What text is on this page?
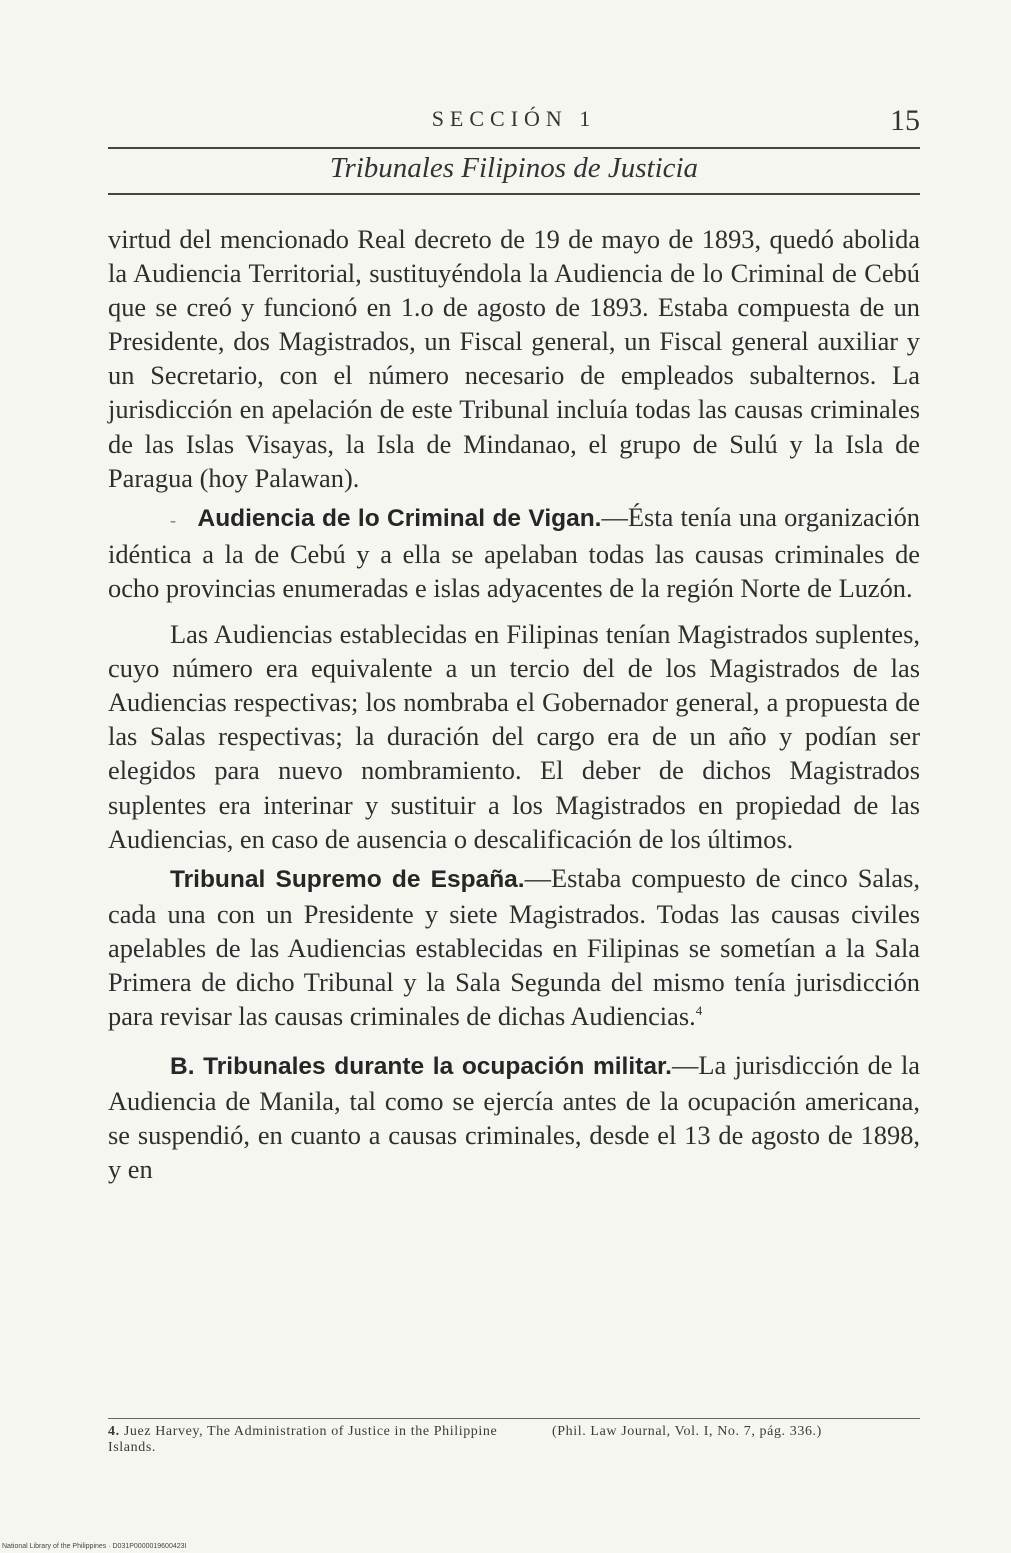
SECCIÓN 1	15
Tribunales Filipinos de Justicia

virtud del mencionado Real decreto de 19 de mayo de 1893, quedó abolida la Audiencia Territorial, sustituyéndola la Audiencia de lo Criminal de Cebú que se creó y funcionó en 1.o de agosto de 1893. Estaba compuesta de un Presidente, dos Magistrados, un Fiscal general, un Fiscal general auxiliar y un Secretario, con el número necesario de empleados subalternos. La jurisdicción en apelación de este Tribunal incluía todas las causas criminales de las Islas Visayas, la Isla de Mindanao, el grupo de Sulú y la Isla de Paragua (hoy Palawan).

- Audiencia de lo Criminal de Vigan.—Ésta tenía una organización idéntica a la de Cebú y a ella se apelaban todas las causas criminales de ocho provincias enumeradas e islas adyacentes de la región Norte de Luzón.

Las Audiencias establecidas en Filipinas tenían Magistrados suplentes, cuyo número era equivalente a un tercio del de los Magistrados de las Audiencias respectivas; los nombraba el Gobernador general, a propuesta de las Salas respectivas; la duración del cargo era de un año y podían ser elegidos para nuevo nombramiento. El deber de dichos Magistrados suplentes era interinar y sustituir a los Magistrados en propiedad de las Audiencias, en caso de ausencia o descalificación de los últimos.

Tribunal Supremo de España.—Estaba compuesto de cinco Salas, cada una con un Presidente y siete Magistrados. Todas las causas civiles apelables de las Audiencias establecidas en Filipinas se sometían a la Sala Primera de dicho Tribunal y la Sala Segunda del mismo tenía jurisdicción para revisar las causas criminales de dichas Audiencias.$^4$

B. Tribunales durante la ocupación militar.—La jurisdicción de la Audiencia de Manila, tal como se ejercía antes de la ocupación americana, se suspendió, en cuanto a causas criminales, desde el 13 de agosto de 1898, y en

4. Juez Harvey, The Administration of Justice in the Philippine Islands.
(Phil. Law Journal, Vol. I, No. 7, pág. 336.)
National Library of the Philippines · D031P0000019600423I
